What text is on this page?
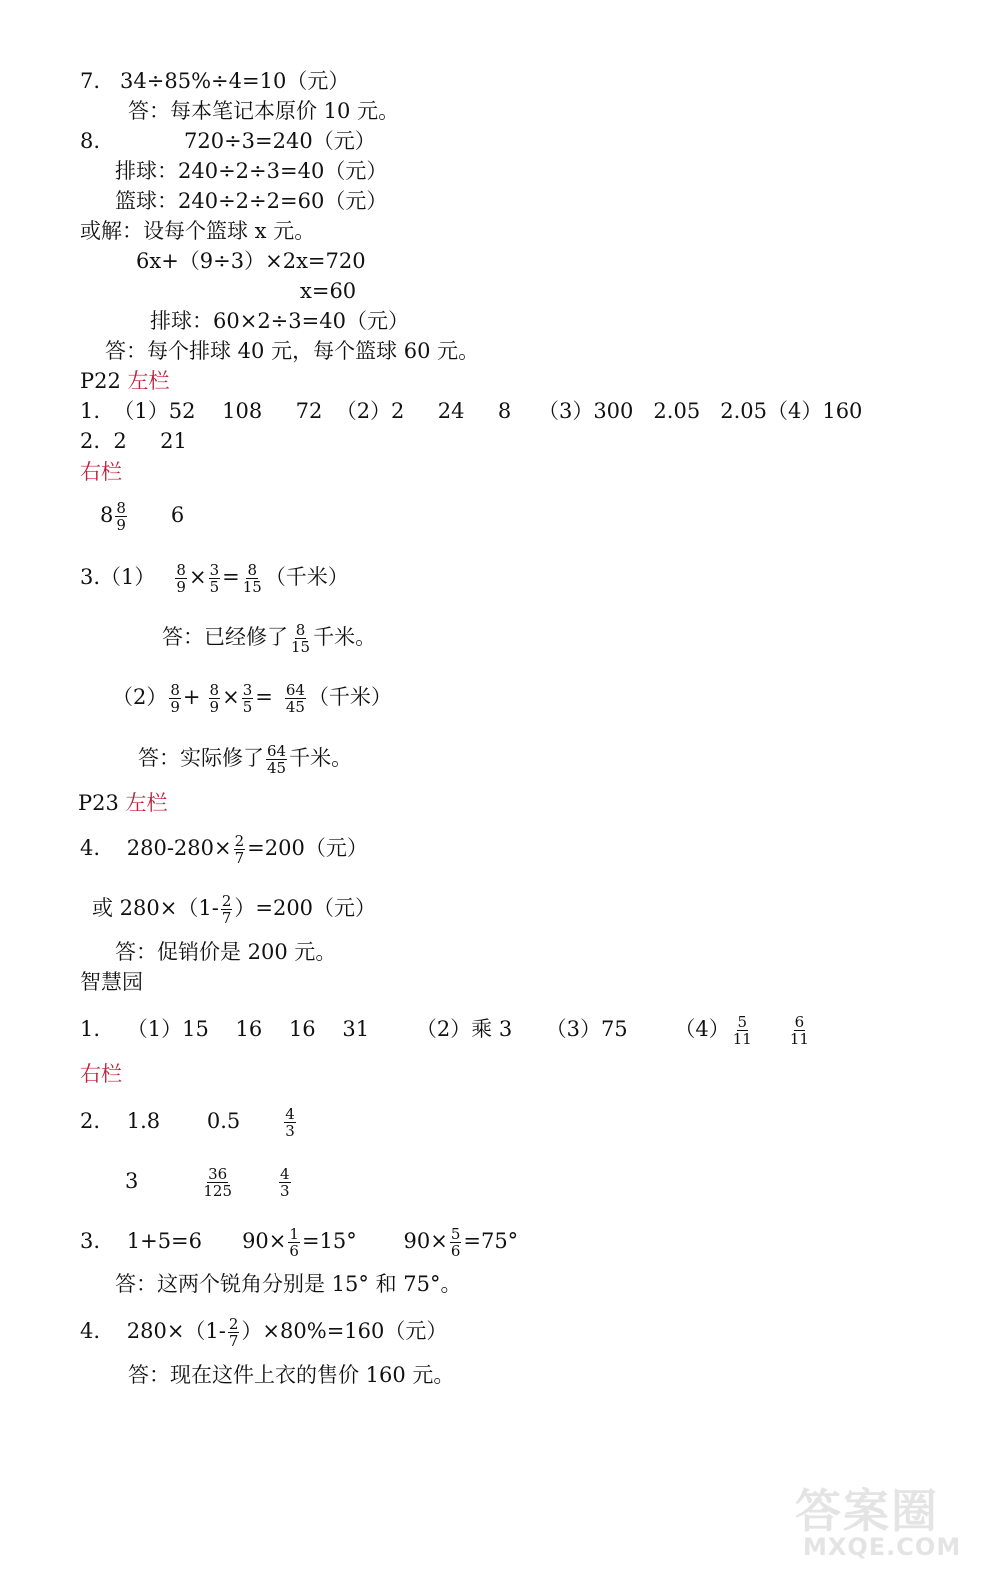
7.   34÷85%÷4=10（元）
答：每本笔记本原价 10 元。
8.	720÷3=240（元）
排球：240÷2÷3=40（元）
篮球：240÷2÷2=60（元）
或解：设每个篮球 x 元。
6x+（9÷3）×2x=720
x=60
排球：60×2÷3=40（元）
答：每个排球 40 元，每个篮球 60 元。
P22 左栏
1.  （1）52    108     72  （2）2     24     8    （3）300   2.05   2.05（4）160
2.  2     21
右栏
$8 \frac{8}{9} 6$
$3.(1) \frac{8}{9} \times \frac{3}{5} = \frac{8}{15}$ （千米）
答：已经修了 $\frac{8}{15}$ 千米。
$(2) \frac{8}{9} + \frac{8}{9} \times \frac{3}{5} = \frac{64}{45}$ （千米）
答：实际修了 $\frac{64}{45}$ 千米。
P23 左栏
4.    $280-280\times \frac{2}{7} =200$（元）
或 $280\times(1- \frac{2}{7} )=200$（元）
答：促销价是 200 元。
智慧园
1.    （1）15    16    16    31       （2）乘 3     （3）75       $(4) \frac{5}{11} \frac{6}{11}$
右栏
2.    1.8       0.5	$\frac{4}{3}$
3	$\frac{36}{125}$	$\frac{4}{3}$
3.    1+5=6      $90\times \frac{1}{6} =15^\circ$       $90\times \frac{5}{6} =75^\circ$
答：这两个锐角分别是 15° 和 75°。
4.    $280\times(1- \frac{2}{7} )\times 80\%=160$（元）
答：现在这件上衣的售价 160 元。
答案圈
MXQE.COM
